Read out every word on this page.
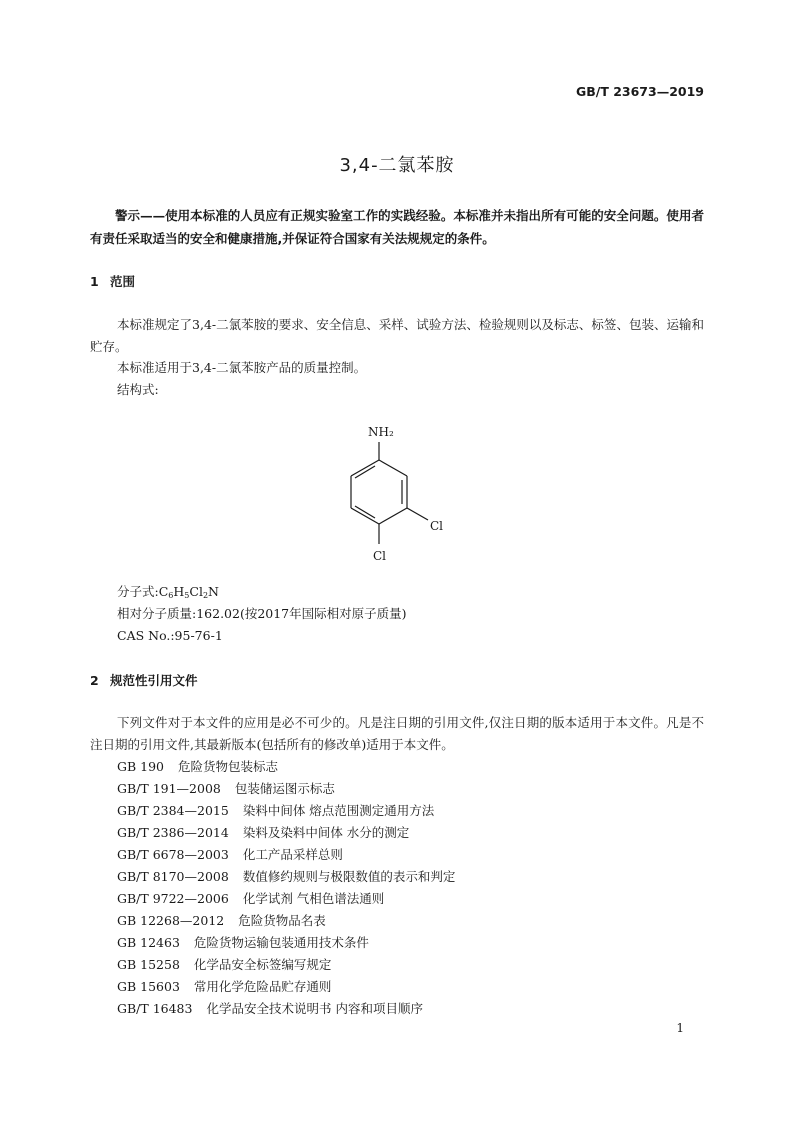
GB/T 23673—2019
3,4-二氯苯胺

警示——使用本标准的人员应有正规实验室工作的实践经验。本标准并未指出所有可能的安全问题。使用者有责任采取适当的安全和健康措施,并保证符合国家有关法规规定的条件。

1 范围

本标准规定了3,4-二氯苯胺的要求、安全信息、采样、试验方法、检验规则以及标志、标签、包装、运输和贮存。

本标准适用于3,4-二氯苯胺产品的质量控制。
结构式:
NH₂
Cl
Cl
分子式$:C_6H_5Cl_2N$
相对分子质量:162.02(按2017年国际相对原子质量)
CAS No.:95-76-1
2 规范性引用文件

下列文件对于本文件的应用是必不可少的。凡是注日期的引用文件,仅注日期的版本适用于本文件。凡是不注日期的引用文件,其最新版本(包括所有的修改单)适用于本文件。

GB 190 危险货物包装标志
GB/T 191—2008 包装储运图示标志
GB/T 2384—2015 染料中间体 熔点范围测定通用方法
GB/T 2386—2014 染料及染料中间体 水分的测定
GB/T 6678—2003 化工产品采样总则
GB/T 8170—2008 数值修约规则与极限数值的表示和判定
GB/T 9722—2006 化学试剂 气相色谱法通则
GB 12268—2012 危险货物品名表
GB 12463 危险货物运输包装通用技术条件
GB 15258 化学品安全标签编写规定
GB 15603 常用化学危险品贮存通则
GB/T 16483 化学品安全技术说明书 内容和项目顺序
1
